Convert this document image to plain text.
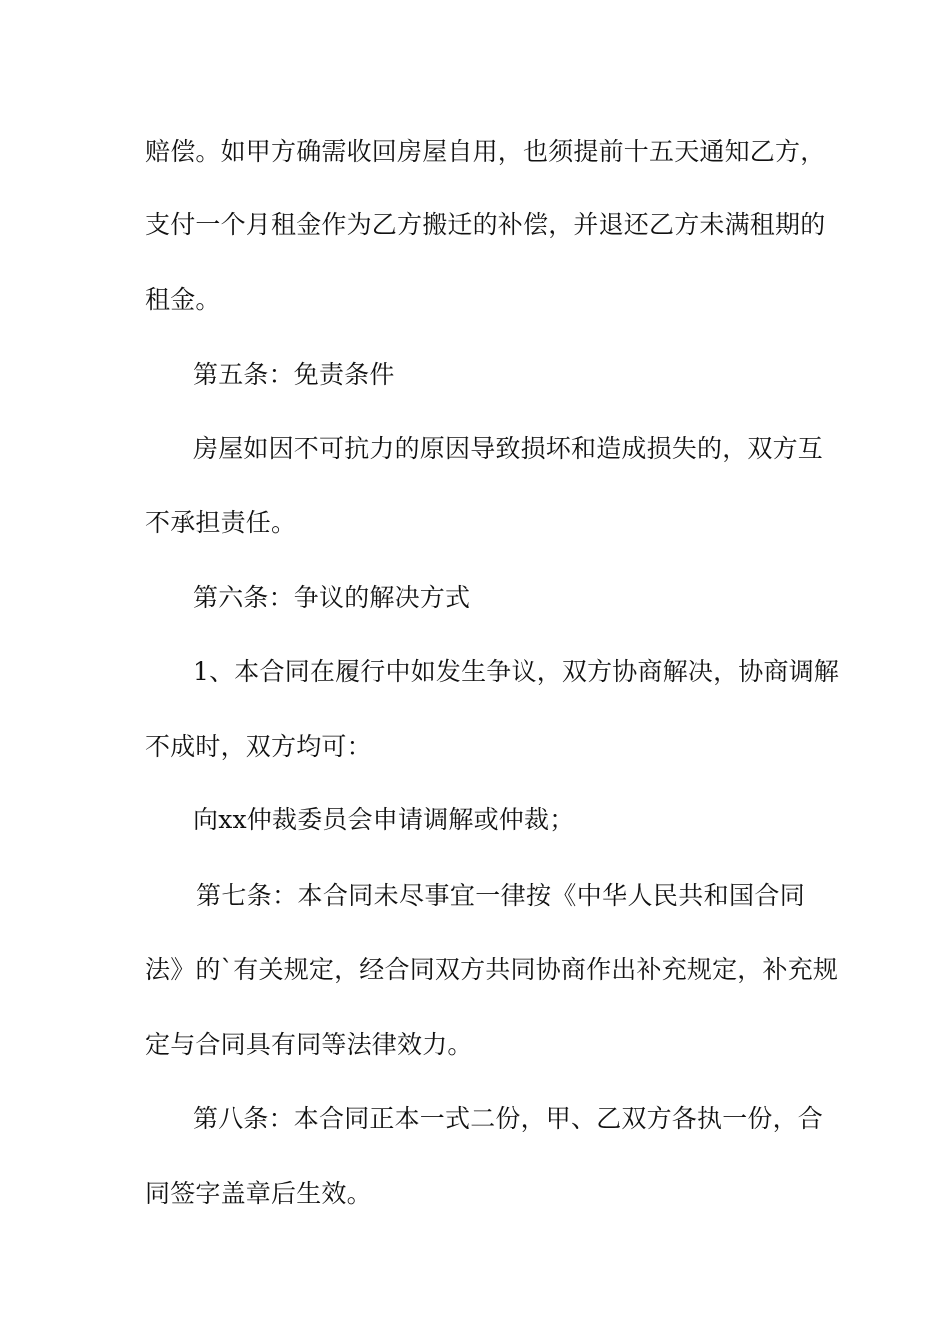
赔偿。如甲方确需收回房屋自用，也须提前十五天通知乙方，
支付一个月租金作为乙方搬迁的补偿，并退还乙方未满租期的
租金。
第五条：免责条件
房屋如因不可抗力的原因导致损坏和造成损失的，双方互
不承担责任。
第六条：争议的解决方式
1、本合同在履行中如发生争议，双方协商解决，协商调解
不成时，双方均可：
向xx仲裁委员会申请调解或仲裁；
第七条：本合同未尽事宜一律按《中华人民共和国合同
法》的`有关规定，经合同双方共同协商作出补充规定，补充规
定与合同具有同等法律效力。
第八条：本合同正本一式二份，甲、乙双方各执一份，合
同签字盖章后生效。
